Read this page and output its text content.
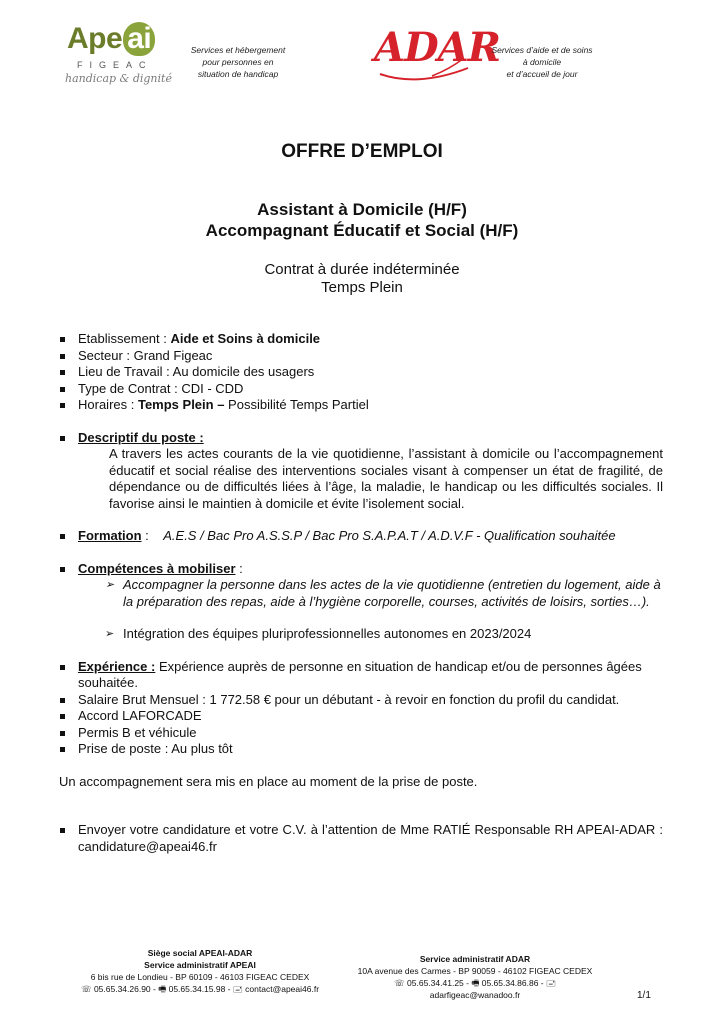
Ape ai
FIGEAC
handicap & dignité
Services et hébergement
pour personnes en
situation de handicap
ADAR
Services d’aide et de soins
à domicile
et d’accueil de jour
OFFRE D’EMPLOI
Assistant à Domicile (H/F)
Accompagnant Éducatif et Social (H/F)
Contrat à durée indéterminée
Temps Plein
Etablissement : Aide et Soins à domicile
Secteur : Grand Figeac
Lieu de Travail : Au domicile des usagers
Type de Contrat : CDI - CDD
Horaires : Temps Plein – Possibilité Temps Partiel
Descriptif du poste :
A travers les actes courants de la vie quotidienne, l’assistant à domicile ou l’accompagnement éducatif et social réalise des interventions sociales visant à compenser un état de fragilité, de dépendance ou de difficultés liées à l’âge, la maladie, le handicap ou les difficultés sociales. Il favorise ainsi le maintien à domicile et évite l’isolement social.
Formation :    A.E.S / Bac Pro A.S.S.P / Bac Pro S.A.P.A.T / A.D.V.F - Qualification souhaitée
Compétences à mobiliser :
➢ Accompagner la personne dans les actes de la vie quotidienne (entretien du logement, aide à la préparation des repas, aide à l’hygiène corporelle, courses, activités de loisirs, sorties…).
➢ Intégration des équipes pluriprofessionnelles autonomes en 2023/2024
Expérience : Expérience auprès de personne en situation de handicap et/ou de personnes âgées souhaitée.
Salaire Brut Mensuel : 1 772.58 € pour un débutant - à revoir en fonction du profil du candidat.
Accord LAFORCADE
Permis B et véhicule
Prise de poste : Au plus tôt
Un accompagnement sera mis en place au moment de la prise de poste.
Envoyer votre candidature et votre C.V. à l’attention de Mme RATIÉ Responsable RH APEAI-ADAR : candidature@apeai46.fr
Siège social APEAI-ADAR
Service administratif APEAI
6 bis rue de Londieu - BP 60109 - 46103 FIGEAC CEDEX
☏ 05.65.34.26.90 - 🖷 05.65.34.15.98 - 🖃 contact@apeai46.fr
Service administratif ADAR
10A avenue des Carmes - BP 90059 - 46102 FIGEAC CEDEX
☏ 05.65.34.41.25 - 🖷 05.65.34.86.86 - 🖃 adarfigeac@wanadoo.fr	1/1
